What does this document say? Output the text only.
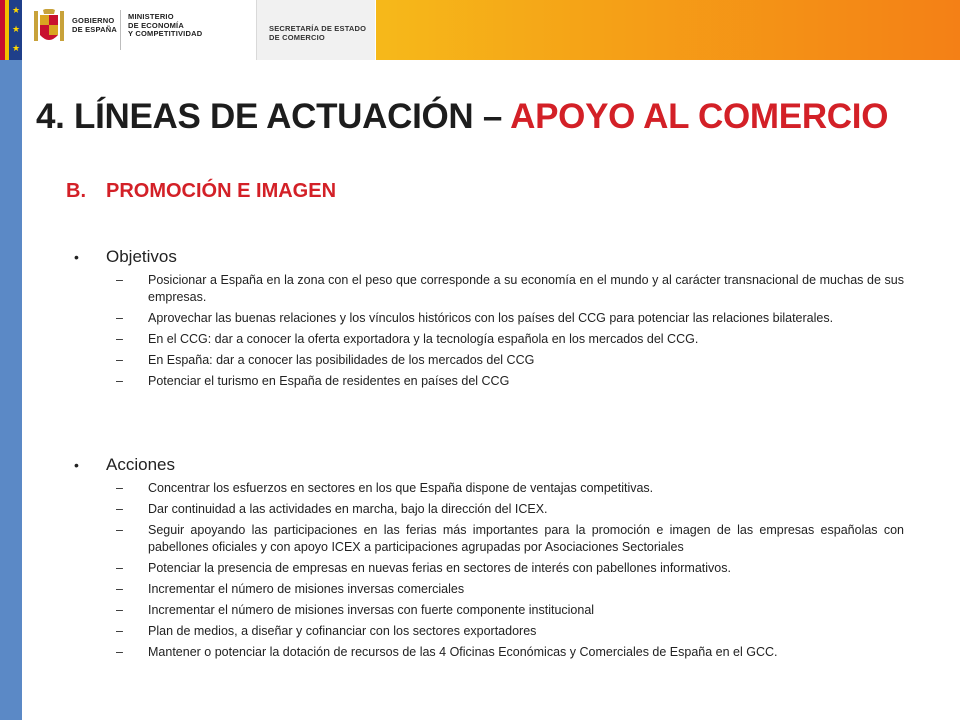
★
★
★
GOBIERNO
DE ESPAÑA
MINISTERIO
DE ECONOMÍA
Y COMPETITIVIDAD
SECRETARÍA DE ESTADO
DE COMERCIO
4. LÍNEAS DE ACTUACIÓN – APOYO AL COMERCIO
B. PROMOCIÓN E IMAGEN
• Objetivos
– Posicionar a España en la zona con el peso que corresponde a su economía en el mundo y al carácter transnacional de muchas de sus empresas.
– Aprovechar las buenas relaciones y los vínculos históricos con los países del CCG para potenciar las relaciones bilaterales.
– En el CCG: dar a conocer la oferta exportadora y la tecnología española en los mercados del CCG.
– En España: dar a conocer las posibilidades de los mercados del CCG
– Potenciar el turismo en España de residentes en países del CCG
• Acciones
– Concentrar los esfuerzos en sectores en los que España dispone de ventajas competitivas.
– Dar continuidad a las actividades en marcha, bajo la dirección del ICEX.
– Seguir apoyando las participaciones en las ferias más importantes para la promoción e imagen de las empresas españolas con pabellones oficiales y con apoyo ICEX a participaciones agrupadas por Asociaciones Sectoriales
– Potenciar la presencia de empresas en nuevas ferias en sectores de interés con pabellones informativos.
– Incrementar el número de misiones inversas comerciales
– Incrementar el número de misiones inversas con fuerte componente institucional
– Plan de medios, a diseñar y cofinanciar con los sectores exportadores
– Mantener o potenciar la dotación de recursos de las 4 Oficinas Económicas y Comerciales de España en el GCC.
